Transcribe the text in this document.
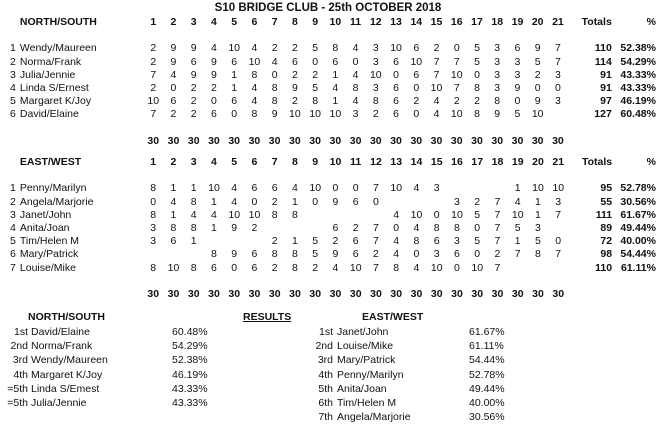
S10 BRIDGE CLUB - 25th OCTOBER 2018
	NORTH/SOUTH	1	2	3	4	5	6	7	8	9	10	11	12	13	14	15	16	17	18	19	20	21		Totals	%

1	Wendy/Maureen	2	9	9	4	10	4	2	2	5	8	4	3	10	6	2	0	5	3	6	9	7		110	52.38%
2	Norma/Frank	2	9	6	9	6	10	4	6	0	6	0	3	6	10	7	7	5	3	3	5	7		114	54.29%
3	Julia/Jennie	7	4	9	9	1	8	0	2	2	1	4	10	0	6	7	10	0	3	3	2	3		91	43.33%
4	Linda S/Ernest	2	0	2	2	1	4	8	9	5	4	8	3	6	0	10	7	8	3	9	0	0		91	43.33%
5	Margaret K/Joy	10	6	2	0	6	4	8	2	8	1	4	8	6	2	4	2	2	8	0	9	3		97	46.19%
6	David/Elaine	7	2	2	6	0	8	9	10	10	10	3	2	6	0	4	10	8	9	5	10			127	60.48%

		30	30	30	30	30	30	30	30	30	30	30	30	30	30	30	30	30	30	30	30	30			
	EAST/WEST	1	2	3	4	5	6	7	8	9	10	11	12	13	14	15	16	17	18	19	20	21		Totals	%

1	Penny/Marilyn	8	1	1	10	4	6	6	4	10	0	0	7	10	4	3				1	10	10		95	52.78%
2	Angela/Marjorie	0	4	8	1	4	0	2	1	0	9	6	0				3	2	7	4	1	3		55	30.56%
3	Janet/John	8	1	4	4	10	10	8	8					4	10	0	10	5	7	10	1	7		111	61.67%
4	Anita/Joan	3	8	8	1	9	2				6	2	7	0	4	8	8	0	7	5	3			89	49.44%
5	Tim/Helen M	3	6	1				2	1	5	2	6	7	4	8	6	3	5	7	1	5	0		72	40.00%
6	Mary/Patrick				8	9	6	8	8	5	9	6	2	4	0	3	6	0	2	7	8	7		98	54.44%
7	Louise/Mike	8	10	8	6	0	6	2	8	2	4	10	7	8	4	10	0	10	7					110	61.11%

		30	30	30	30	30	30	30	30	30	30	30	30	30	30	30	30	30	30	30	30	30			
NORTH/SOUTH	RESULTS	EAST/WEST
1st David/Elaine	60.48%
2nd Norma/Frank	54.29%
3rd Wendy/Maureen	52.38%
4th Margaret K/Joy	46.19%
=5th Linda S/Emest	43.33%
=5th Julia/Jennie	43.33%
1st Janet/John	61.67%
2nd Louise/Mike	61.11%
3rd Mary/Patrick	54.44%
4th Penny/Marilyn	52.78%
5th Anita/Joan	49.44%
6th Tim/Helen M	40.00%
7th Angela/Marjorie	30.56%
